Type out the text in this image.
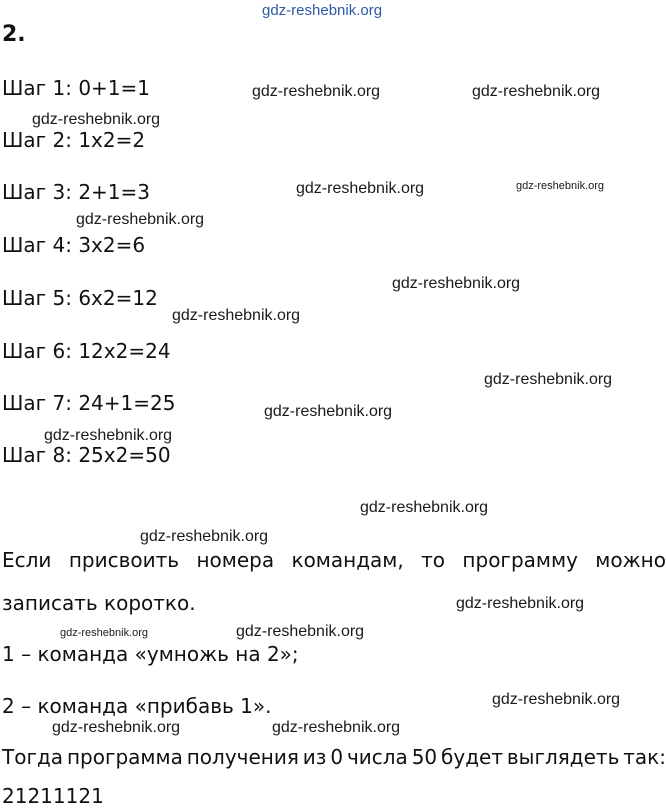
gdz-reshebnik.org
2.
Шаг 1: 0+1=1
Шаг 2: 1x2=2
Шаг 3: 2+1=3
Шаг 4: 3x2=6
Шаг 5: 6x2=12
Шаг 6: 12x2=24
Шаг 7: 24+1=25
Шаг 8: 25x2=50
Если присвоить номера командам, то программу можно
записать коротко.
1 – команда «умножь на 2»;
2 – команда «прибавь 1».
Тогда программа получения из 0 числа 50 будет выглядеть так:
21211121
gdz-reshebnik.org	gdz-reshebnik.org
gdz-reshebnik.org
gdz-reshebnik.org	gdz-reshebnik.org
gdz-reshebnik.org
gdz-reshebnik.org
gdz-reshebnik.org
gdz-reshebnik.org
gdz-reshebnik.org
gdz-reshebnik.org
gdz-reshebnik.org
gdz-reshebnik.org
gdz-reshebnik.org
gdz-reshebnik.org	gdz-reshebnik.org
gdz-reshebnik.org
gdz-reshebnik.org	gdz-reshebnik.org
